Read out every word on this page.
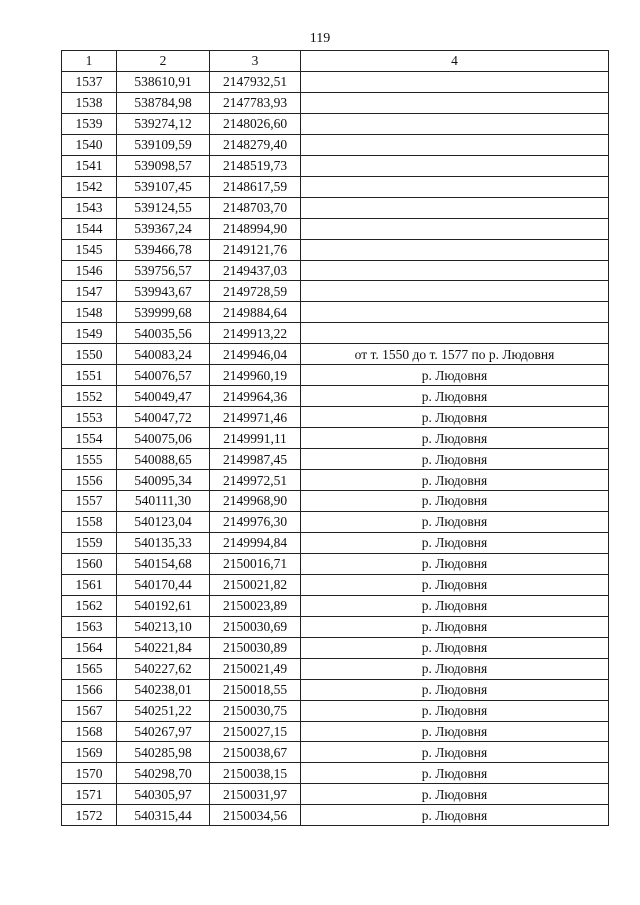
119
1	2	3	4
1537	538610,91	2147932,51	
1538	538784,98	2147783,93	
1539	539274,12	2148026,60	
1540	539109,59	2148279,40	
1541	539098,57	2148519,73	
1542	539107,45	2148617,59	
1543	539124,55	2148703,70	
1544	539367,24	2148994,90	
1545	539466,78	2149121,76	
1546	539756,57	2149437,03	
1547	539943,67	2149728,59	
1548	539999,68	2149884,64	
1549	540035,56	2149913,22	
1550	540083,24	2149946,04	от т. 1550 до т. 1577 по р. Людовня
1551	540076,57	2149960,19	р. Людовня
1552	540049,47	2149964,36	р. Людовня
1553	540047,72	2149971,46	р. Людовня
1554	540075,06	2149991,11	р. Людовня
1555	540088,65	2149987,45	р. Людовня
1556	540095,34	2149972,51	р. Людовня
1557	540111,30	2149968,90	р. Людовня
1558	540123,04	2149976,30	р. Людовня
1559	540135,33	2149994,84	р. Людовня
1560	540154,68	2150016,71	р. Людовня
1561	540170,44	2150021,82	р. Людовня
1562	540192,61	2150023,89	р. Людовня
1563	540213,10	2150030,69	р. Людовня
1564	540221,84	2150030,89	р. Людовня
1565	540227,62	2150021,49	р. Людовня
1566	540238,01	2150018,55	р. Людовня
1567	540251,22	2150030,75	р. Людовня
1568	540267,97	2150027,15	р. Людовня
1569	540285,98	2150038,67	р. Людовня
1570	540298,70	2150038,15	р. Людовня
1571	540305,97	2150031,97	р. Людовня
1572	540315,44	2150034,56	р. Людовня
